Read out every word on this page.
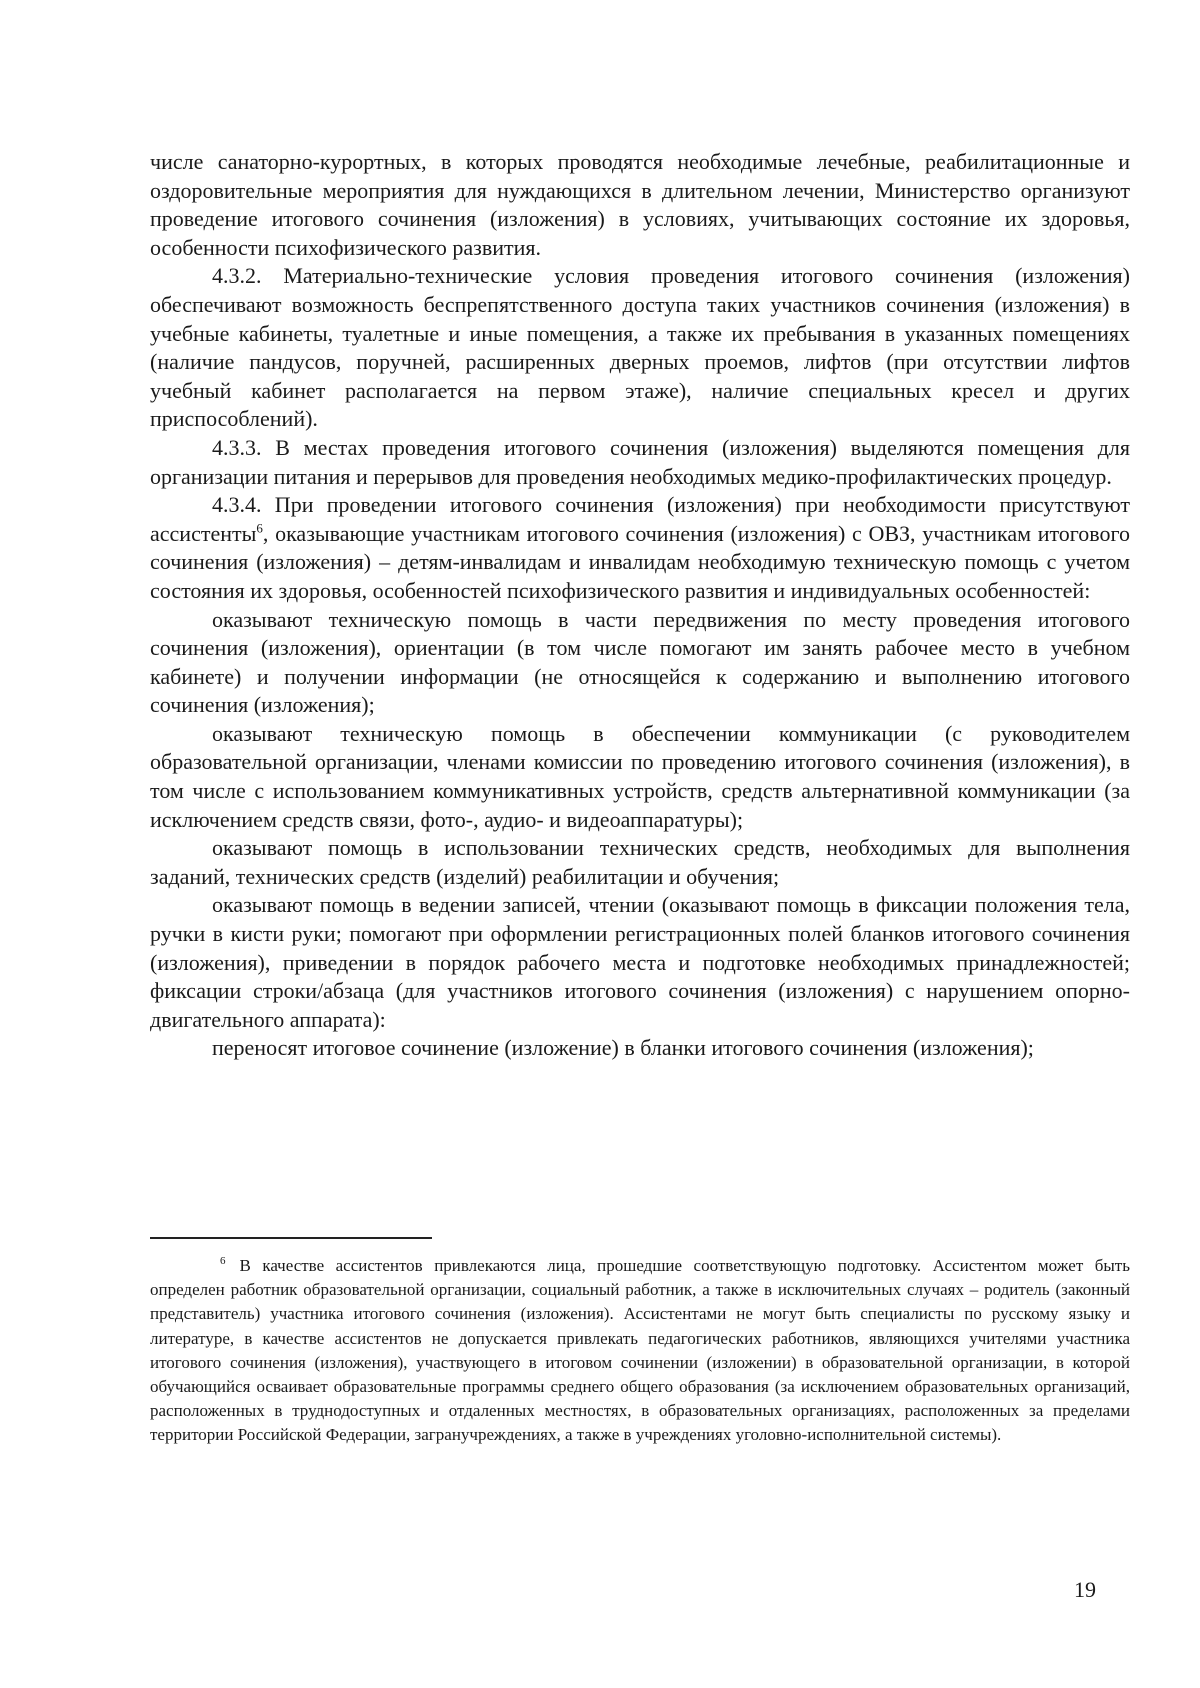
числе санаторно-курортных, в которых проводятся необходимые лечебные, реабилитационные и оздоровительные мероприятия для нуждающихся в длительном лечении, Министерство организуют проведение итогового сочинения (изложения) в условиях, учитывающих состояние их здоровья, особенности психофизического развития.

4.3.2. Материально-технические условия проведения итогового сочинения (изложения) обеспечивают возможность беспрепятственного доступа таких участников сочинения (изложения) в учебные кабинеты, туалетные и иные помещения, а также их пребывания в указанных помещениях (наличие пандусов, поручней, расширенных дверных проемов, лифтов (при отсутствии лифтов учебный кабинет располагается на первом этаже), наличие специальных кресел и других приспособлений).

4.3.3. В местах проведения итогового сочинения (изложения) выделяются помещения для организации питания и перерывов для проведения необходимых медико-профилактических процедур.

4.3.4. При проведении итогового сочинения (изложения) при необходимости присутствуют ассистенты$^6$, оказывающие участникам итогового сочинения (изложения) с ОВЗ, участникам итогового сочинения (изложения) – детям-инвалидам и инвалидам необходимую техническую помощь с учетом состояния их здоровья, особенностей психофизического развития и индивидуальных особенностей:

оказывают техническую помощь в части передвижения по месту проведения итогового сочинения (изложения), ориентации (в том числе помогают им занять рабочее место в учебном кабинете) и получении информации (не относящейся к содержанию и выполнению итогового сочинения (изложения);

оказывают техническую помощь в обеспечении коммуникации (с руководителем образовательной организации, членами комиссии по проведению итогового сочинения (изложения), в том числе с использованием коммуникативных устройств, средств альтернативной коммуникации (за исключением средств связи, фото-, аудио- и видеоаппаратуры);

оказывают помощь в использовании технических средств, необходимых для выполнения заданий, технических средств (изделий) реабилитации и обучения;

оказывают помощь в ведении записей, чтении (оказывают помощь в фиксации положения тела, ручки в кисти руки; помогают при оформлении регистрационных полей бланков итогового сочинения (изложения), приведении в порядок рабочего места и подготовке необходимых принадлежностей; фиксации строки/абзаца (для участников итогового сочинения (изложения) с нарушением опорно-двигательного аппарата):

переносят итоговое сочинение (изложение) в бланки итогового сочинения (изложения);

$^6$ В качестве ассистентов привлекаются лица, прошедшие соответствующую подготовку. Ассистентом может быть определен работник образовательной организации, социальный работник, а также в исключительных случаях – родитель (законный представитель) участника итогового сочинения (изложения). Ассистентами не могут быть специалисты по русскому языку и литературе, в качестве ассистентов не допускается привлекать педагогических работников, являющихся учителями участника итогового сочинения (изложения), участвующего в итоговом сочинении (изложении) в образовательной организации, в которой обучающийся осваивает образовательные программы среднего общего образования (за исключением образовательных организаций, расположенных в труднодоступных и отдаленных местностях, в образовательных организациях, расположенных за пределами территории Российской Федерации, загранучреждениях, а также в учреждениях уголовно-исполнительной системы).

19
